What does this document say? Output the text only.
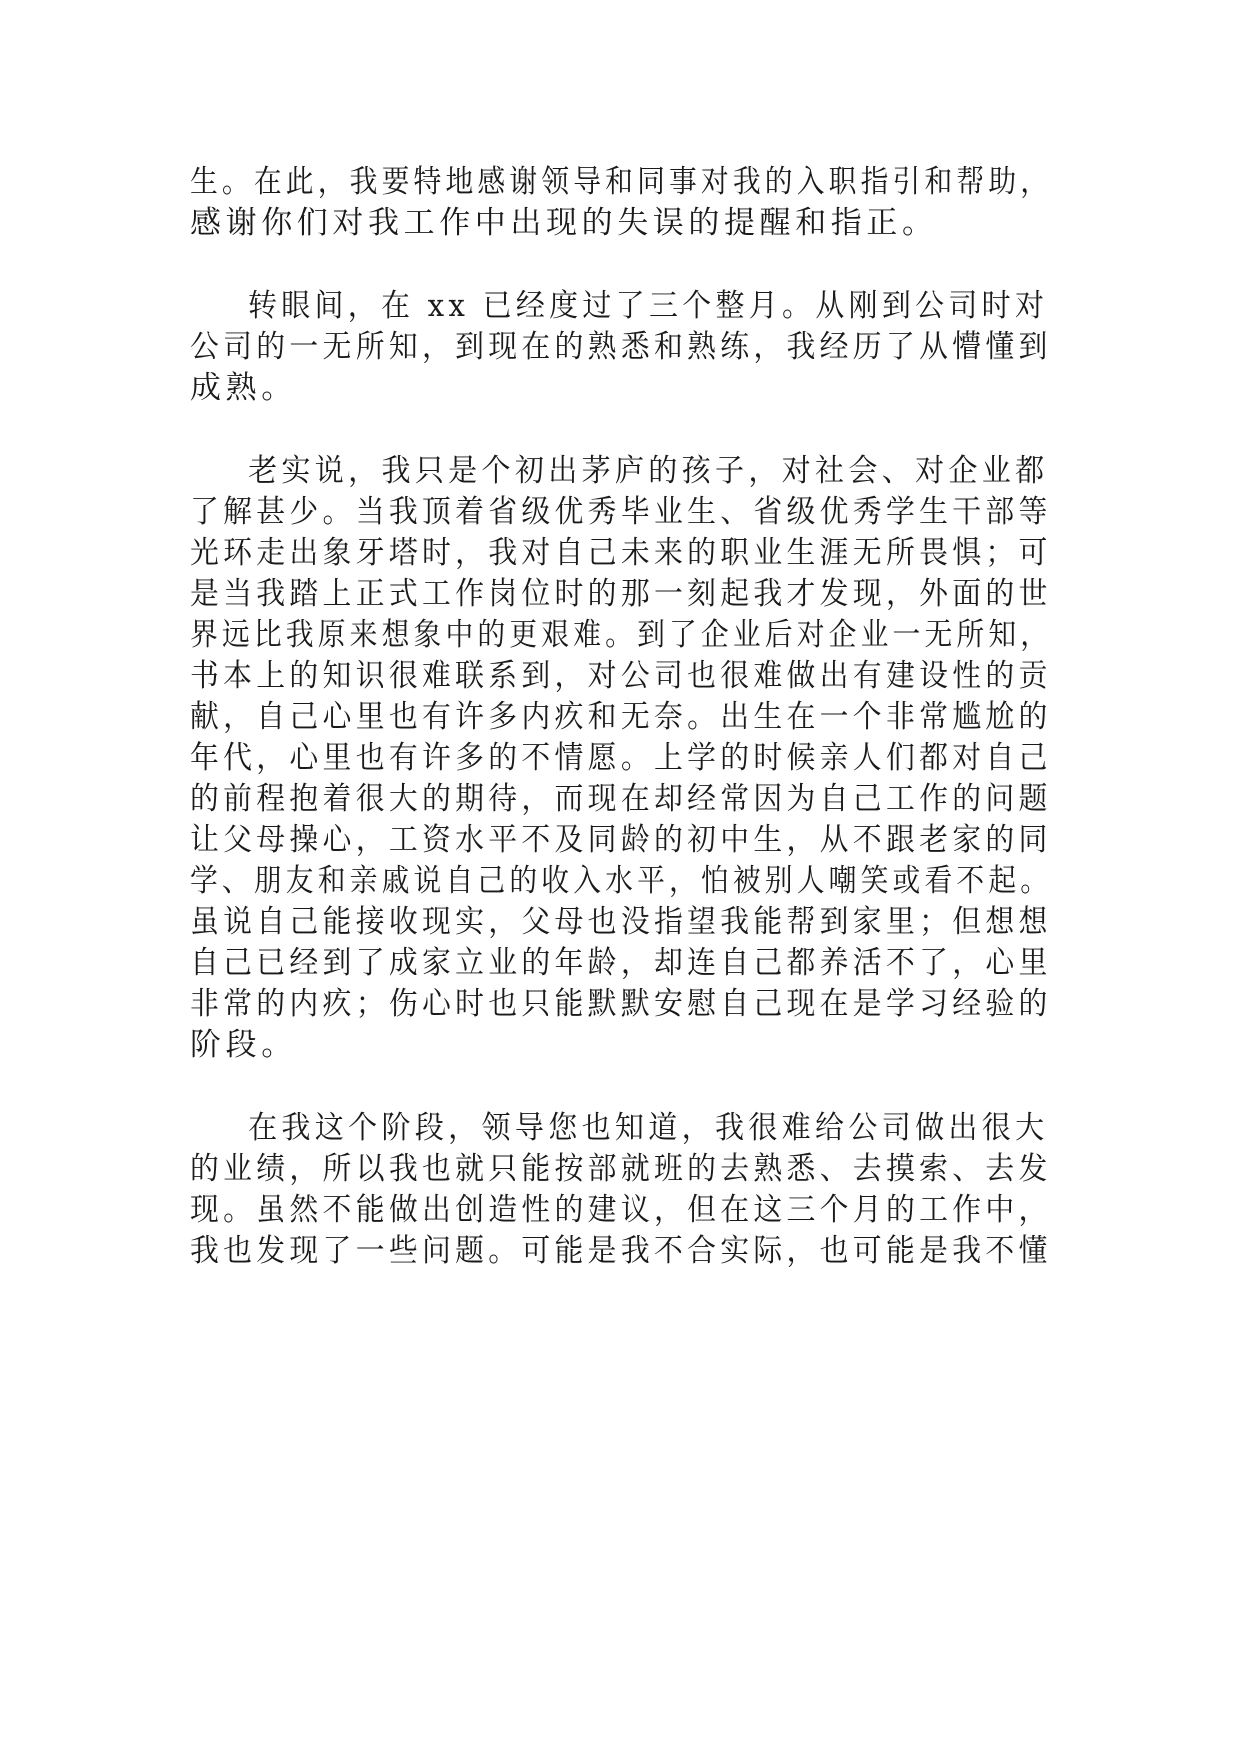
生。在此，我要特地感谢领导和同事对我的入职指引和帮助，
感谢你们对我工作中出现的失误的提醒和指正。

转眼间，在 xx 已经度过了三个整月。从刚到公司时对
公司的一无所知，到现在的熟悉和熟练，我经历了从懵懂到
成熟。

老实说，我只是个初出茅庐的孩子，对社会、对企业都
了解甚少。当我顶着省级优秀毕业生、省级优秀学生干部等
光环走出象牙塔时，我对自己未来的职业生涯无所畏惧；可
是当我踏上正式工作岗位时的那一刻起我才发现，外面的世
界远比我原来想象中的更艰难。到了企业后对企业一无所知，
书本上的知识很难联系到，对公司也很难做出有建设性的贡
献，自己心里也有许多内疚和无奈。出生在一个非常尴尬的
年代，心里也有许多的不情愿。上学的时候亲人们都对自己
的前程抱着很大的期待，而现在却经常因为自己工作的问题
让父母操心，工资水平不及同龄的初中生，从不跟老家的同
学、朋友和亲戚说自己的收入水平，怕被别人嘲笑或看不起。
虽说自己能接收现实，父母也没指望我能帮到家里；但想想
自己已经到了成家立业的年龄，却连自己都养活不了，心里
非常的内疚；伤心时也只能默默安慰自己现在是学习经验的
阶段。

在我这个阶段，领导您也知道，我很难给公司做出很大
的业绩，所以我也就只能按部就班的去熟悉、去摸索、去发
现。虽然不能做出创造性的建议，但在这三个月的工作中，
我也发现了一些问题。可能是我不合实际，也可能是我不懂
